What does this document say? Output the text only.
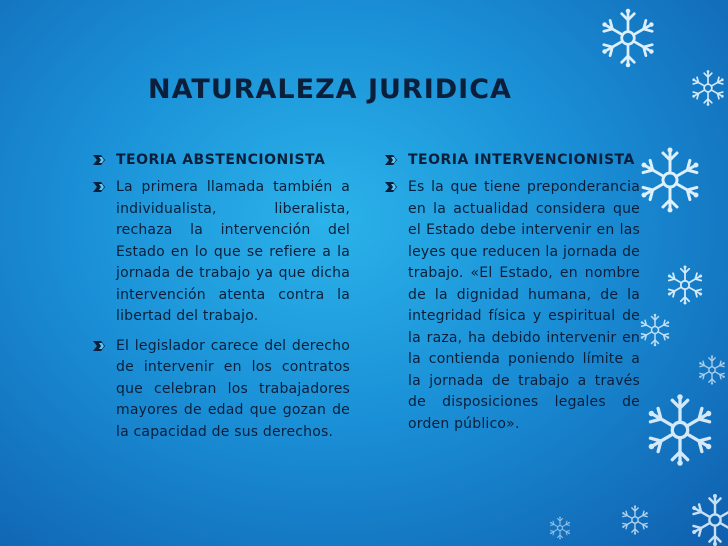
NATURALEZA JURIDICA
TEORIA ABSTENCIONISTA
La primera llamada también a individualista, liberalista, rechaza la intervención del Estado en lo que se refiere a la jornada de trabajo ya que dicha intervención atenta contra la libertad del trabajo.
El legislador carece del derecho de intervenir en los contratos que celebran los trabajadores mayores de edad que gozan de la capacidad de sus derechos.
TEORIA INTERVENCIONISTA
Es la que tiene preponderancia en la actualidad considera que el Estado debe intervenir en las leyes que reducen la jornada de trabajo. «El Estado, en nombre de la dignidad humana, de la integridad física y espiritual de la raza, ha debido intervenir en la contienda poniendo límite a la jornada de trabajo a través de disposiciones legales de orden público».
